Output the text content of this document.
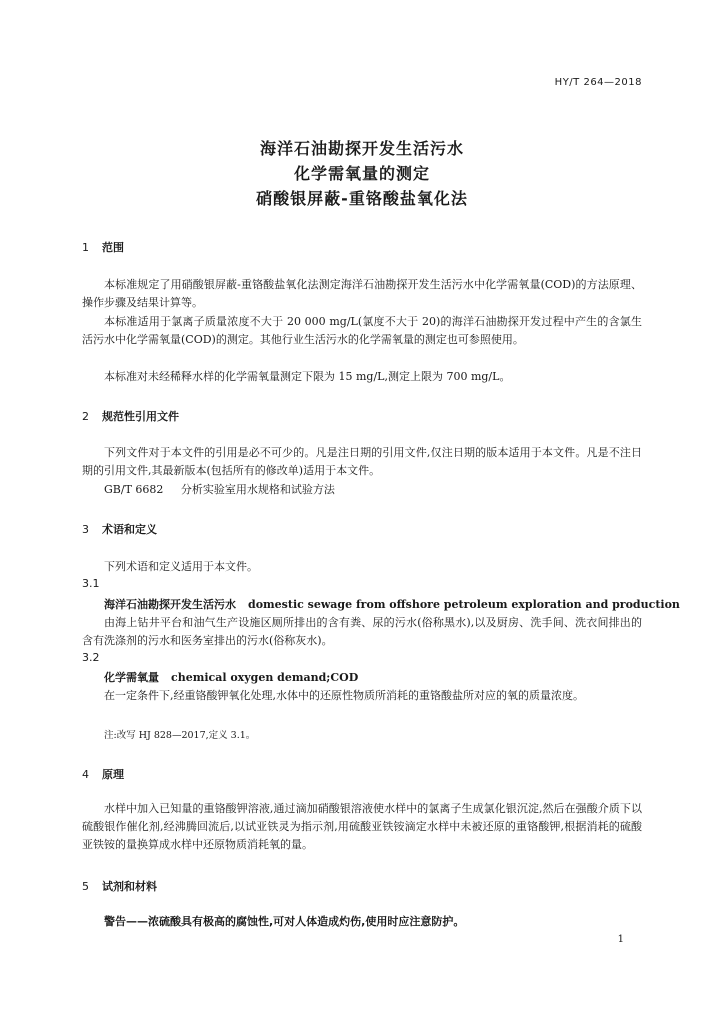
HY/T 264—2018
海洋石油勘探开发生活污水
化学需氧量的测定
硝酸银屏蔽-重铬酸盐氧化法
1 范围
本标准规定了用硝酸银屏蔽-重铬酸盐氧化法测定海洋石油勘探开发生活污水中化学需氧量(COD)的方法原理、操作步骤及结果计算等。
本标准适用于氯离子质量浓度不大于 20 000 mg/L(氯度不大于 20)的海洋石油勘探开发过程中产生的含氯生活污水中化学需氧量(COD)的测定。其他行业生活污水的化学需氧量的测定也可参照使用。
本标准对未经稀释水样的化学需氧量测定下限为 15 mg/L,测定上限为 700 mg/L。
2 规范性引用文件
下列文件对于本文件的引用是必不可少的。凡是注日期的引用文件,仅注日期的版本适用于本文件。凡是不注日期的引用文件,其最新版本(包括所有的修改单)适用于本文件。
GB/T 6682 分析实验室用水规格和试验方法
3 术语和定义
下列术语和定义适用于本文件。
3.1
海洋石油勘探开发生活污水 domestic sewage from offshore petroleum exploration and production
由海上钻井平台和油气生产设施区厕所排出的含有粪、尿的污水(俗称黑水),以及厨房、洗手间、洗衣间排出的含有洗涤剂的污水和医务室排出的污水(俗称灰水)。
3.2
化学需氧量 chemical oxygen demand;COD
在一定条件下,经重铬酸钾氧化处理,水体中的还原性物质所消耗的重铬酸盐所对应的氧的质量浓度。
注:改写 HJ 828—2017,定义 3.1。
4 原理
水样中加入已知量的重铬酸钾溶液,通过滴加硝酸银溶液使水样中的氯离子生成氯化银沉淀,然后在强酸介质下以硫酸银作催化剂,经沸腾回流后,以试亚铁灵为指示剂,用硫酸亚铁铵滴定水样中未被还原的重铬酸钾,根据消耗的硫酸亚铁铵的量换算成水样中还原物质消耗氧的量。
5 试剂和材料
警告——浓硫酸具有极高的腐蚀性,可对人体造成灼伤,使用时应注意防护。
1
